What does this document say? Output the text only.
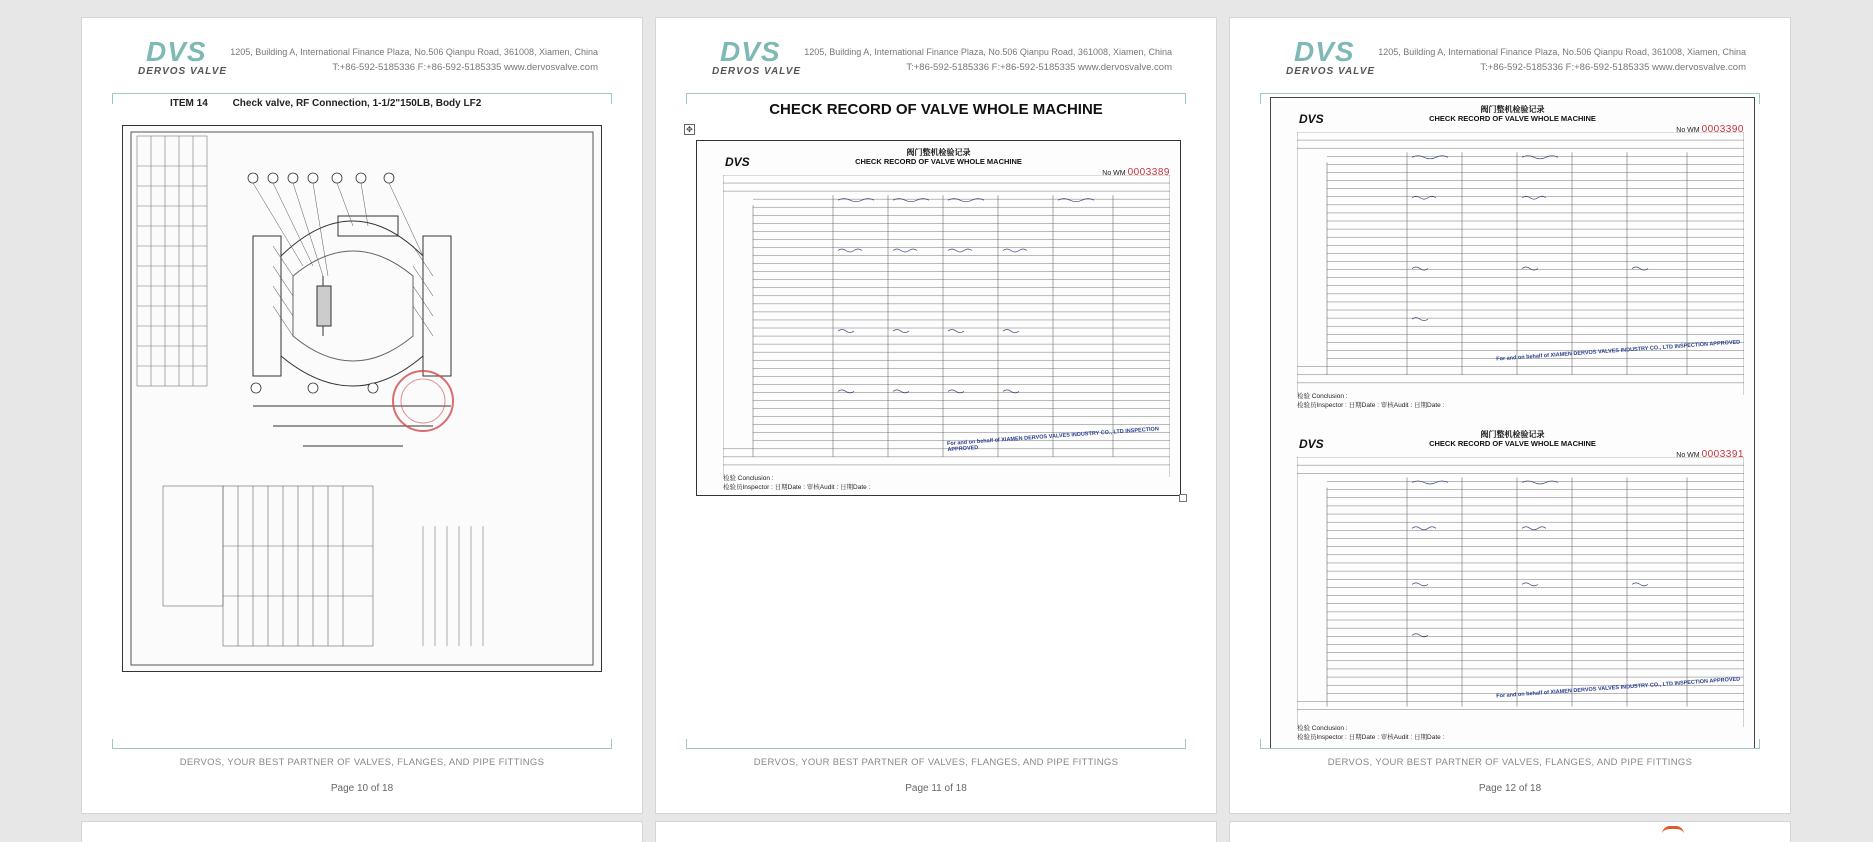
DVS
DERVOS VALVE
1205, Building A, International Finance Plaza, No.506 Qianpu Road, 361008, Xiamen, China
T:+86-592-5185336 F:+86-592-5185335 www.dervosvalve.com
ITEM 14 Check valve, RF Connection, 1-1/2"150LB, Body LF2
DERVOS, YOUR BEST PARTNER OF VALVES, FLANGES, AND PIPE FITTINGS
Page 10 of 18
DVS
DERVOS VALVE
1205, Building A, International Finance Plaza, No.506 Qianpu Road, 361008, Xiamen, China
T:+86-592-5185336 F:+86-592-5185335 www.dervosvalve.com
CHECK RECORD OF VALVE WHOLE MACHINE
✥
DVS
阀门整机检验记录
CHECK RECORD OF VALVE WHOLE MACHINE
No WM 0003389
For and on behalf of XIAMEN DERVOS VALVES INDUSTRY CO., LTD INSPECTION APPROVED
检验 Conclusion :
检验员Inspector : 日期Date : 审核Audit : 日期Date :
DERVOS, YOUR BEST PARTNER OF VALVES, FLANGES, AND PIPE FITTINGS
Page 11 of 18
DVS
DERVOS VALVE
1205, Building A, International Finance Plaza, No.506 Qianpu Road, 361008, Xiamen, China
T:+86-592-5185336 F:+86-592-5185335 www.dervosvalve.com
DVS
阀门整机检验记录
CHECK RECORD OF VALVE WHOLE MACHINE
No WM 0003390
For and on behalf of XIAMEN DERVOS VALVES INDUSTRY CO., LTD INSPECTION APPROVED
检验 Conclusion :
检验员Inspector : 日期Date : 审核Audit : 日期Date :
DVS
阀门整机检验记录
CHECK RECORD OF VALVE WHOLE MACHINE
No WM 0003391
For and on behalf of XIAMEN DERVOS VALVES INDUSTRY CO., LTD INSPECTION APPROVED
检验 Conclusion :
检验员Inspector : 日期Date : 审核Audit : 日期Date :
DERVOS, YOUR BEST PARTNER OF VALVES, FLANGES, AND PIPE FITTINGS
Page 12 of 18
